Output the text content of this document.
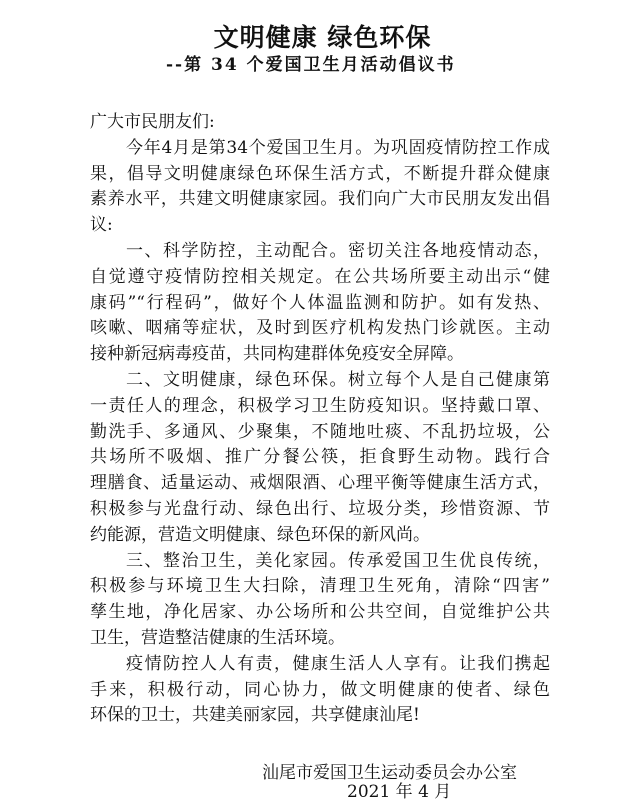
文明健康 绿色环保
--第 34 个爱国卫生月活动倡议书
广大市民朋友们:
今年4月是第34个爱国卫生月。为巩固疫情防控工作成
果，倡导文明健康绿色环保生活方式，不断提升群众健康
素养水平，共建文明健康家园。我们向广大市民朋友发出倡
议:
一、科学防控，主动配合。密切关注各地疫情动态，
自觉遵守疫情防控相关规定。在公共场所要主动出示“健
康码”“行程码”，做好个人体温监测和防护。如有发热、
咳嗽、咽痛等症状，及时到医疗机构发热门诊就医。主动
接种新冠病毒疫苗，共同构建群体免疫安全屏障。
二、文明健康，绿色环保。树立每个人是自己健康第
一责任人的理念，积极学习卫生防疫知识。坚持戴口罩、
勤洗手、多通风、少聚集，不随地吐痰、不乱扔垃圾，公
共场所不吸烟、推广分餐公筷，拒食野生动物。践行合
理膳食、适量运动、戒烟限酒、心理平衡等健康生活方式，
积极参与光盘行动、绿色出行、垃圾分类，珍惜资源、节
约能源，营造文明健康、绿色环保的新风尚。
三、整治卫生，美化家园。传承爱国卫生优良传统，
积极参与环境卫生大扫除，清理卫生死角，清除“四害”
孳生地，净化居家、办公场所和公共空间，自觉维护公共
卫生，营造整洁健康的生活环境。
疫情防控人人有责，健康生活人人享有。让我们携起
手来，积极行动，同心协力，做文明健康的使者、绿色
环保的卫士，共建美丽家园，共享健康汕尾!
汕尾市爱国卫生运动委员会办公室
2021 年 4 月
